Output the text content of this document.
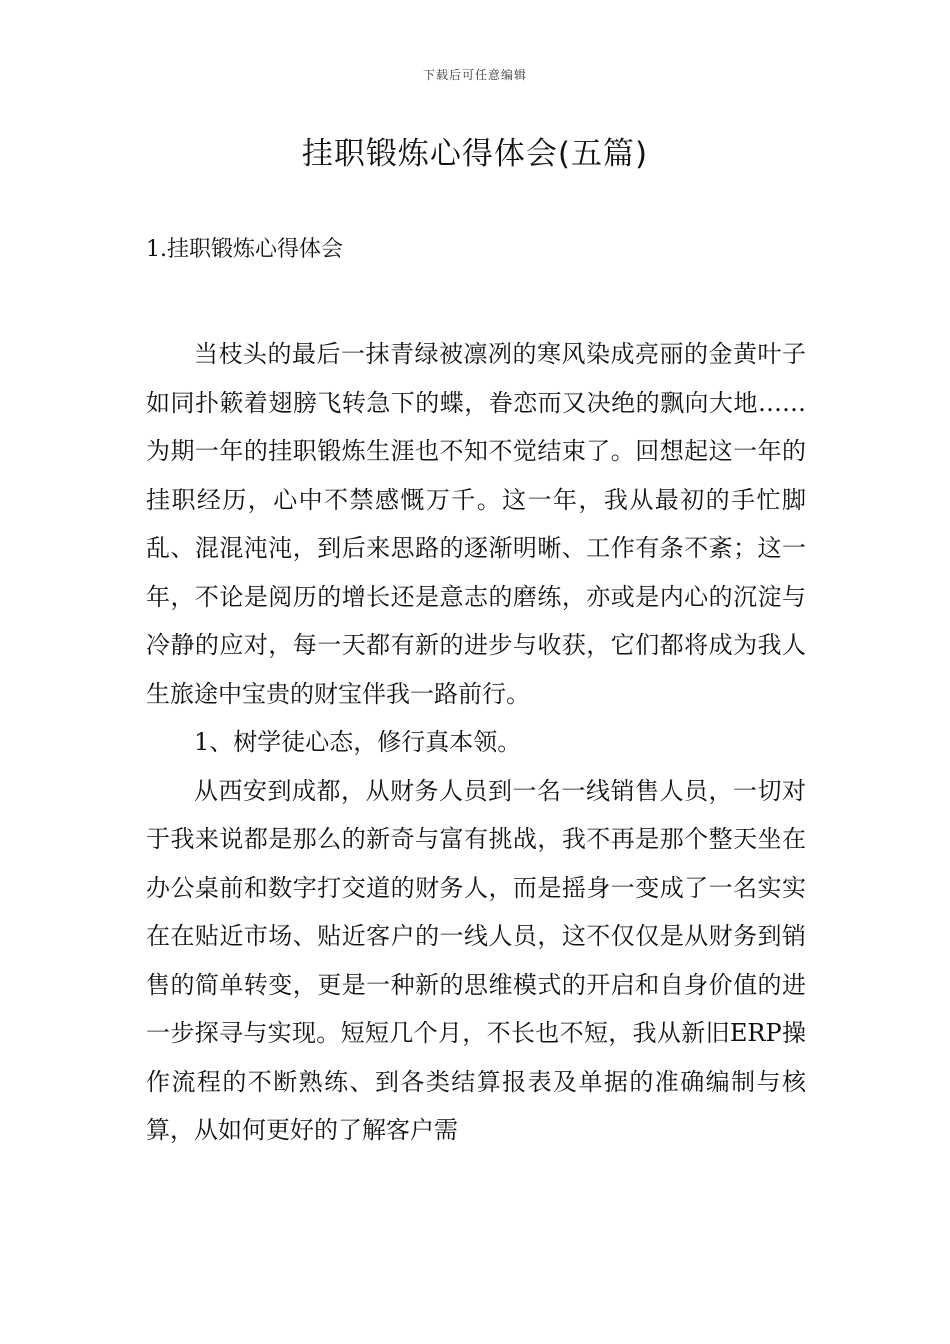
下载后可任意编辑
挂职锻炼心得体会(五篇)
1.挂职锻炼心得体会

当枝头的最后一抹青绿被凛冽的寒风染成亮丽的金黄叶子如同扑簌着翅膀飞转急下的蝶，眷恋而又决绝的飘向大地……为期一年的挂职锻炼生涯也不知不觉结束了。回想起这一年的挂职经历，心中不禁感慨万千。这一年，我从最初的手忙脚乱、混混沌沌，到后来思路的逐渐明晰、工作有条不紊；这一年，不论是阅历的增长还是意志的磨练，亦或是内心的沉淀与冷静的应对，每一天都有新的进步与收获，它们都将成为我人生旅途中宝贵的财宝伴我一路前行。

1、树学徒心态，修行真本领。

从西安到成都，从财务人员到一名一线销售人员，一切对于我来说都是那么的新奇与富有挑战，我不再是那个整天坐在办公桌前和数字打交道的财务人，而是摇身一变成了一名实实在在贴近市场、贴近客户的一线人员，这不仅仅是从财务到销售的简单转变，更是一种新的思维模式的开启和自身价值的进一步探寻与实现。短短几个月，不长也不短，我从新旧ERP操作流程的不断熟练、到各类结算报表及单据的准确编制与核算，从如何更好的了解客户需
